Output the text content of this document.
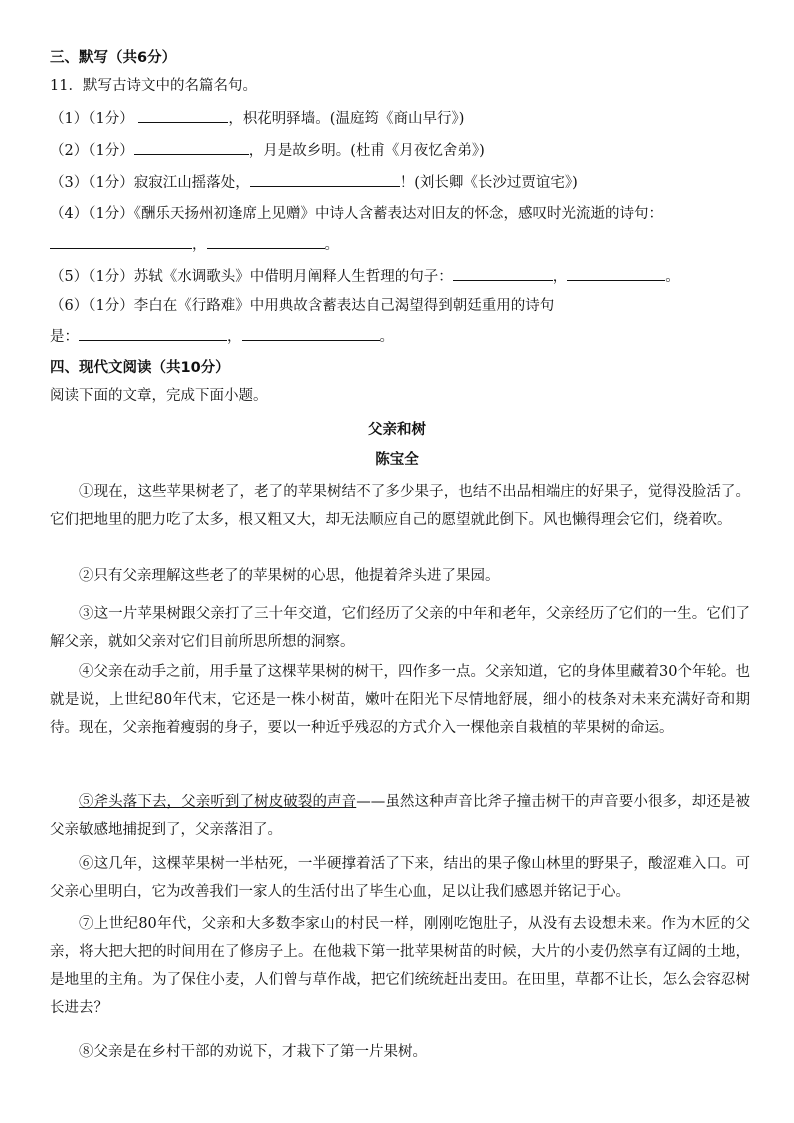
三、默写（共6分）
11．默写古诗文中的名篇名句。
（1）（1分）	，枳花明驿墙。(温庭筠《商山早行》)
（2）（1分）	，月是故乡明。(杜甫《月夜忆舍弟》)
（3）（1分）寂寂江山摇落处，	！(刘长卿《长沙过贾谊宅》)
（4）（1分）《酬乐天扬州初逢席上见赠》中诗人含蓄表达对旧友的怀念，感叹时光流逝的诗句：
，	。
（5）（1分）苏轼《水调歌头》中借明月阐释人生哲理的句子：	，	。
（6）（1分）李白在《行路难》中用典故含蓄表达自己渴望得到朝廷重用的诗句
是：	，	。
四、现代文阅读（共10分）
阅读下面的文章，完成下面小题。
父亲和树
陈宝全
①现在，这些苹果树老了，老了的苹果树结不了多少果子，也结不出品相端庄的好果子，觉得没脸活了。它们把地里的肥力吃了太多，根又粗又大，却无法顺应自己的愿望就此倒下。风也懒得理会它们，绕着吹。
②只有父亲理解这些老了的苹果树的心思，他提着斧头进了果园。
③这一片苹果树跟父亲打了三十年交道，它们经历了父亲的中年和老年，父亲经历了它们的一生。它们了解父亲，就如父亲对它们目前所思所想的洞察。
④父亲在动手之前，用手量了这棵苹果树的树干，四作多一点。父亲知道，它的身体里藏着30个年轮。也就是说，上世纪80年代末，它还是一株小树苗，嫩叶在阳光下尽情地舒展，细小的枝条对未来充满好奇和期待。现在，父亲拖着瘦弱的身子，要以一种近乎残忍的方式介入一棵他亲自栽植的苹果树的命运。
⑤斧头落下去，父亲听到了树皮破裂的声音——虽然这种声音比斧子撞击树干的声音要小很多，却还是被父亲敏感地捕捉到了，父亲落泪了。
⑥这几年，这棵苹果树一半枯死，一半硬撑着活了下来，结出的果子像山林里的野果子，酸涩难入口。可父亲心里明白，它为改善我们一家人的生活付出了毕生心血，足以让我们感恩并铭记于心。
⑦上世纪80年代，父亲和大多数李家山的村民一样，刚刚吃饱肚子，从没有去设想未来。作为木匠的父亲，将大把大把的时间用在了修房子上。在他栽下第一批苹果树苗的时候，大片的小麦仍然享有辽阔的土地，是地里的主角。为了保住小麦，人们曾与草作战，把它们统统赶出麦田。在田里，草都不让长，怎么会容忍树长进去？
⑧父亲是在乡村干部的劝说下，才栽下了第一片果树。
